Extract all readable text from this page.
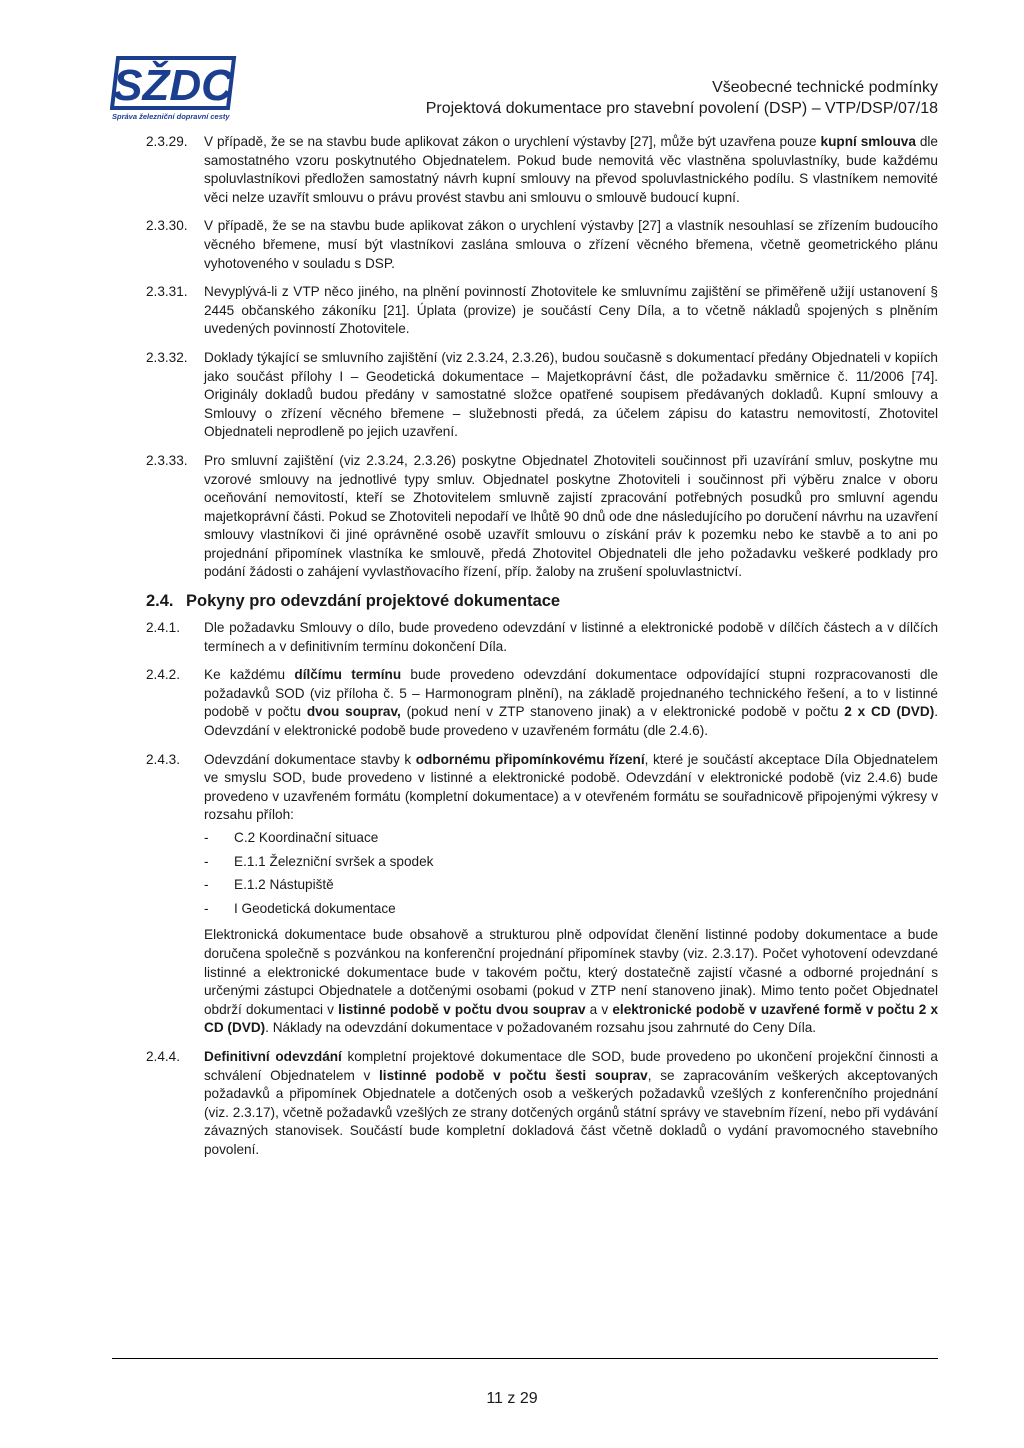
SŽDC
Správa železniční dopravní cesty
Všeobecné technické podmínky
Projektová dokumentace pro stavební povolení (DSP) – VTP/DSP/07/18
2.3.29.	V případě, že se na stavbu bude aplikovat zákon o urychlení výstavby [27], může být uzavřena pouze kupní smlouva dle samostatného vzoru poskytnutého Objednatelem. Pokud bude nemovitá věc vlastněna spoluvlastníky, bude každému spoluvlastníkovi předložen samostatný návrh kupní smlouvy na převod spoluvlastnického podílu. S vlastníkem nemovité věci nelze uzavřít smlouvu o právu provést stavbu ani smlouvu o smlouvě budoucí kupní.
2.3.30.	V případě, že se na stavbu bude aplikovat zákon o urychlení výstavby [27] a vlastník nesouhlasí se zřízením budoucího věcného břemene, musí být vlastníkovi zaslána smlouva o zřízení věcného břemena, včetně geometrického plánu vyhotoveného v souladu s DSP.
2.3.31.	Nevyplývá-li z VTP něco jiného, na plnění povinností Zhotovitele ke smluvnímu zajištění se přiměřeně užijí ustanovení § 2445 občanského zákoníku [21]. Úplata (provize) je součástí Ceny Díla, a to včetně nákladů spojených s plněním uvedených povinností Zhotovitele.
2.3.32.	Doklady týkající se smluvního zajištění (viz 2.3.24, 2.3.26), budou současně s dokumentací předány Objednateli v kopiích jako součást přílohy I – Geodetická dokumentace – Majetkoprávní část, dle požadavku směrnice č. 11/2006 [74]. Originály dokladů budou předány v samostatné složce opatřené soupisem předávaných dokladů. Kupní smlouvy a Smlouvy o zřízení věcného břemene – služebnosti předá, za účelem zápisu do katastru nemovitostí, Zhotovitel Objednateli neprodleně po jejich uzavření.
2.3.33.	Pro smluvní zajištění (viz 2.3.24, 2.3.26) poskytne Objednatel Zhotoviteli součinnost při uzavírání smluv, poskytne mu vzorové smlouvy na jednotlivé typy smluv. Objednatel poskytne Zhotoviteli i součinnost při výběru znalce v oboru oceňování nemovitostí, kteří se Zhotovitelem smluvně zajistí zpracování potřebných posudků pro smluvní agendu majetkoprávní části. Pokud se Zhotoviteli nepodaří ve lhůtě 90 dnů ode dne následujícího po doručení návrhu na uzavření smlouvy vlastníkovi či jiné oprávněné osobě uzavřít smlouvu o získání práv k pozemku nebo ke stavbě a to ani po projednání připomínek vlastníka ke smlouvě, předá Zhotovitel Objednateli dle jeho požadavku veškeré podklady pro podání žádosti o zahájení vyvlastňovacího řízení, příp. žaloby na zrušení spoluvlastnictví.
2.4. Pokyny pro odevzdání projektové dokumentace
2.4.1.	Dle požadavku Smlouvy o dílo, bude provedeno odevzdání v listinné a elektronické podobě v dílčích částech a v dílčích termínech a v definitivním termínu dokončení Díla.
2.4.2.	Ke každému dílčímu termínu bude provedeno odevzdání dokumentace odpovídající stupni rozpracovanosti dle požadavků SOD (viz příloha č. 5 – Harmonogram plnění), na základě projednaného technického řešení, a to v listinné podobě v počtu dvou souprav, (pokud není v ZTP stanoveno jinak) a v elektronické podobě v počtu 2 x CD (DVD). Odevzdání v elektronické podobě bude provedeno v uzavřeném formátu (dle 2.4.6).
2.4.3.	Odevzdání dokumentace stavby k odbornému připomínkovému řízení, které je součástí akceptace Díla Objednatelem ve smyslu SOD, bude provedeno v listinné a elektronické podobě. Odevzdání v elektronické podobě (viz 2.4.6) bude provedeno v uzavřeném formátu (kompletní dokumentace) a v otevřeném formátu se souřadnicově připojenými výkresy v rozsahu příloh:
-	C.2 Koordinační situace
-	E.1.1 Železniční svršek a spodek
-	E.1.2 Nástupiště
-	I Geodetická dokumentace
Elektronická dokumentace bude obsahově a strukturou plně odpovídat členění listinné podoby dokumentace a bude doručena společně s pozvánkou na konferenční projednání připomínek stavby (viz. 2.3.17). Počet vyhotovení odevzdané listinné a elektronické dokumentace bude v takovém počtu, který dostatečně zajistí včasné a odborné projednání s určenými zástupci Objednatele a dotčenými osobami (pokud v ZTP není stanoveno jinak). Mimo tento počet Objednatel obdrží dokumentaci v listinné podobě v počtu dvou souprav a v elektronické podobě v uzavřené formě v počtu 2 x CD (DVD). Náklady na odevzdání dokumentace v požadovaném rozsahu jsou zahrnuté do Ceny Díla.
2.4.4.	Definitivní odevzdání kompletní projektové dokumentace dle SOD, bude provedeno po ukončení projekční činnosti a schválení Objednatelem v listinné podobě v počtu šesti souprav, se zapracováním veškerých akceptovaných požadavků a připomínek Objednatele a dotčených osob a veškerých požadavků vzešlých z konferenčního projednání (viz. 2.3.17), včetně požadavků vzešlých ze strany dotčených orgánů státní správy ve stavebním řízení, nebo při vydávání závazných stanovisek. Součástí bude kompletní dokladová část včetně dokladů o vydání pravomocného stavebního povolení.
11 z 29
